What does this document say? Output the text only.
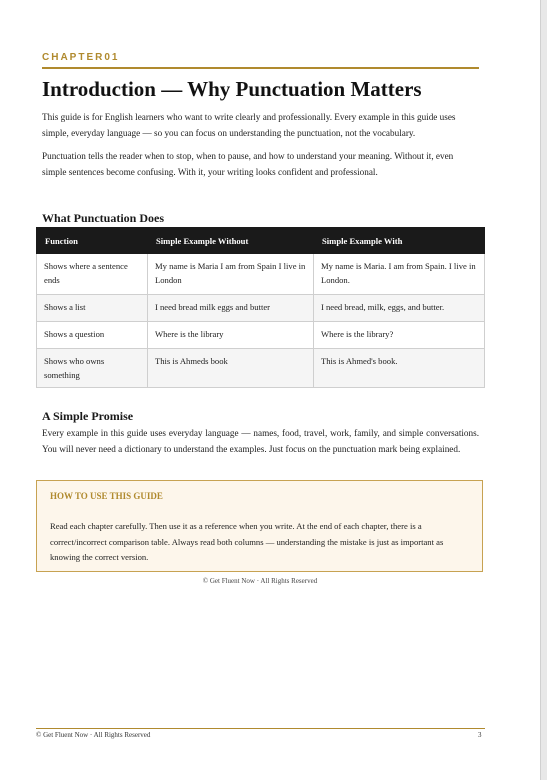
CHAPTER01
Introduction — Why Punctuation Matters

This guide is for English learners who want to write clearly and professionally. Every example in this guide uses simple, everyday language — so you can focus on understanding the punctuation, not the vocabulary.

Punctuation tells the reader when to stop, when to pause, and how to understand your meaning. Without it, even simple sentences become confusing. With it, your writing looks confident and professional.

What Punctuation Does
Function	Simple Example Without	Simple Example With
Shows where a sentence ends	My name is Maria I am from Spain I live in London	My name is Maria. I am from Spain. I live in London.
Shows a list	I need bread milk eggs and butter	I need bread, milk, eggs, and butter.
Shows a question	Where is the library	Where is the library?
Shows who owns something	This is Ahmeds book	This is Ahmed's book.
A Simple Promise

Every example in this guide uses everyday language — names, food, travel, work, family, and simple conversations. You will never need a dictionary to understand the examples. Just focus on the punctuation mark being explained.

HOW TO USE THIS GUIDE

Read each chapter carefully. Then use it as a reference when you write. At the end of each chapter, there is a correct/incorrect comparison table. Always read both columns — understanding the mistake is just as important as knowing the correct version.

© Get Fluent Now · All Rights Reserved
© Get Fluent Now · All Rights Reserved	3
